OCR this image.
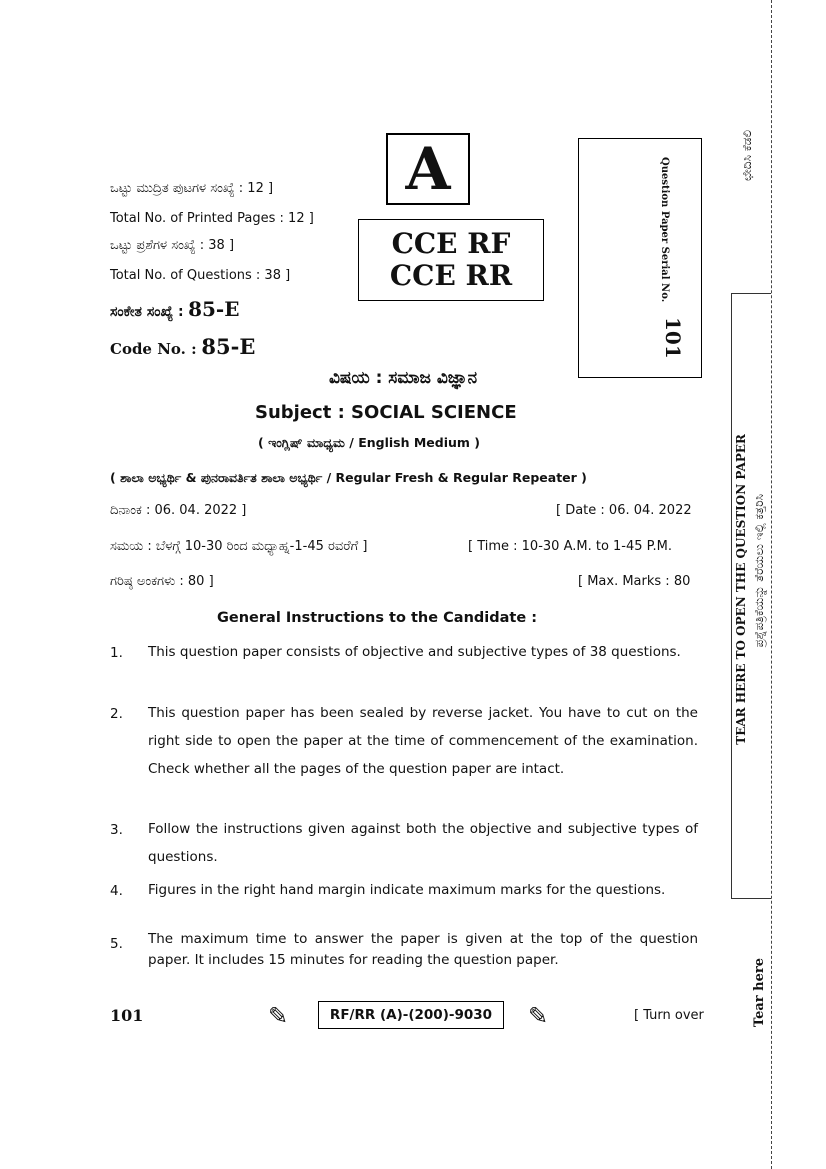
ಒಟ್ಟು ಮುದ್ರಿತ ಪುಟಗಳ ಸಂಖ್ಯೆ : 12 ]
Total No. of Printed Pages : 12 ]
ಒಟ್ಟು ಪ್ರಶೆಗಳ ಸಂಖ್ಯೆ : 38 ]
Total No. of Questions : 38 ]
ಸಂಕೇತ ಸಂಖ್ಯೆ : 85-E
Code No. : 85-E
A
CCE RF
CCE RR	Question Paper Serial No.
101
ವಿಷಯ : ಸಮಾಜ ವಿಜ್ಞಾನ
Subject : SOCIAL SCIENCE
( ಇಂಗ್ಲಿಷ್ ಮಾಧ್ಯಮ / English Medium )
( ಶಾಲಾ ಅಭ್ಯರ್ಥಿ & ಪುನರಾವರ್ತಿತ ಶಾಲಾ ಅಭ್ಯರ್ಥಿ / Regular Fresh & Regular Repeater )
ದಿನಾಂಕ : 06. 04. 2022 ]	[ Date : 06. 04. 2022
ಸಮಯ : ಬೆಳಗ್ಗೆ 10-30 ರಿಂದ ಮಧ್ಯಾಹ್ನ-1-45 ರವರೆಗೆ ]	[ Time : 10-30 A.M. to 1-45 P.M.
ಗರಿಷ್ಠ ಅಂಕಗಳು : 80 ]	[ Max. Marks : 80
General Instructions to the Candidate :
1. This question paper consists of objective and subjective types of 38 questions.
2. This question paper has been sealed by reverse jacket. You have to cut on the right side to open the paper at the time of commencement of the examination. Check whether all the pages of the question paper are intact.
3. Follow the instructions given against both the objective and subjective types of questions.
4. Figures in the right hand margin indicate maximum marks for the questions.
5. The maximum time to answer the paper is given at the top of the question paper. It includes 15 minutes for reading the question paper.
ಛೇದಿಸಿ ಕೆಡಲಿ
TEAR HERE TO OPEN THE QUESTION PAPER ಪ್ರಶ್ನೆಪತ್ರಿಕೆಯನ್ನು ತೆರೆಯಲು ಇಲ್ಲಿ ಕತ್ತರಿಸಿ
Tear here
101	✎	RF/RR (A)-(200)-9030	✎	[ Turn over
